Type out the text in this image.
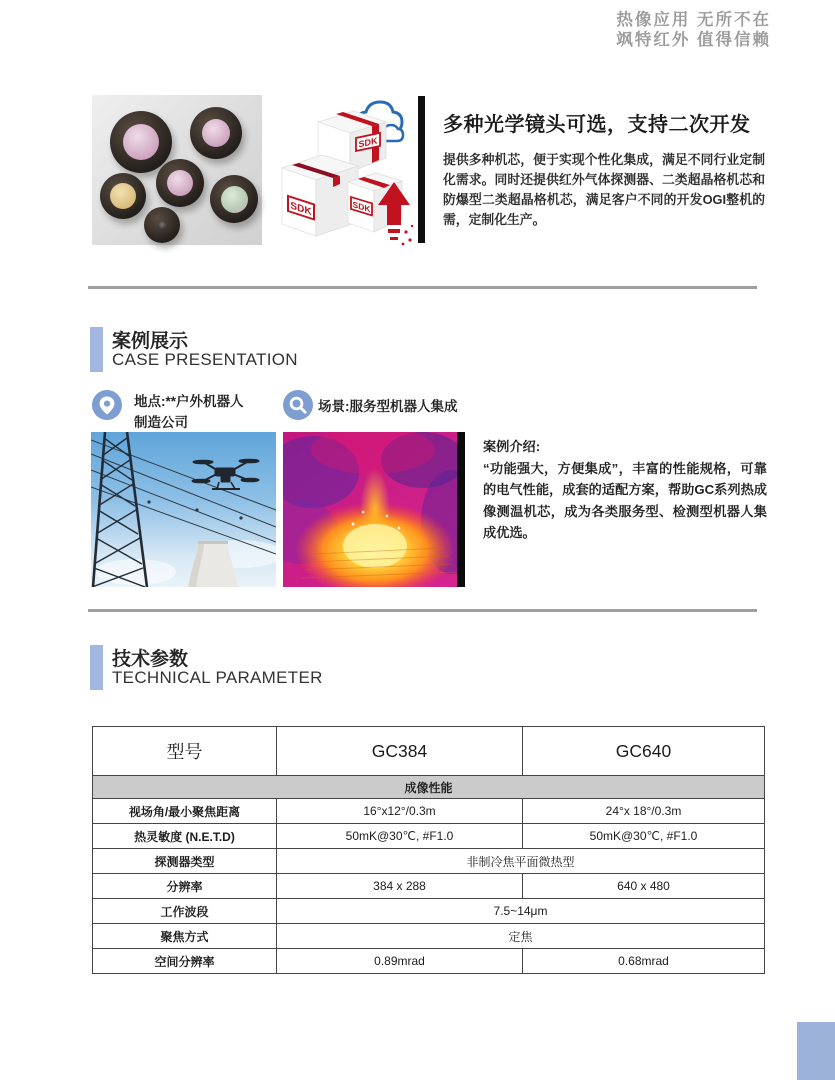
热像应用 无所不在
飒特红外 值得信赖
SDK
SDK	SDK
多种光学镜头可选，支持二次开发
提供多种机芯，便于实现个性化集成，满足不同行业定制化需求。同时还提供红外气体探测器、二类超晶格机芯和防爆型二类超晶格机芯，满足客户不同的开发OGI整机的需，定制化生产。
案例展示
CASE PRESENTATION
地点:**户外机器人
制造公司
场景:服务型机器人集成
案例介绍:
“功能强大，方便集成”，丰富的性能规格，可靠的电气性能，成套的适配方案，帮助GC系列热成像测温机芯，成为各类服务型、检测型机器人集成优选。
技术参数
TECHNICAL PARAMETER
型号	GC384	GC640
成像性能		
视场角/最小聚焦距离	16°x12°/0.3m	24°x 18°/0.3m
热灵敏度 (N.E.T.D)	50mK@30℃, #F1.0	50mK@30℃, #F1.0
探测器类型	非制冷焦平面微热型	
分辨率	384 x 288	640 x 480
工作波段	7.5~14μm	
聚焦方式	定焦	
空间分辨率	0.89mrad	0.68mrad
